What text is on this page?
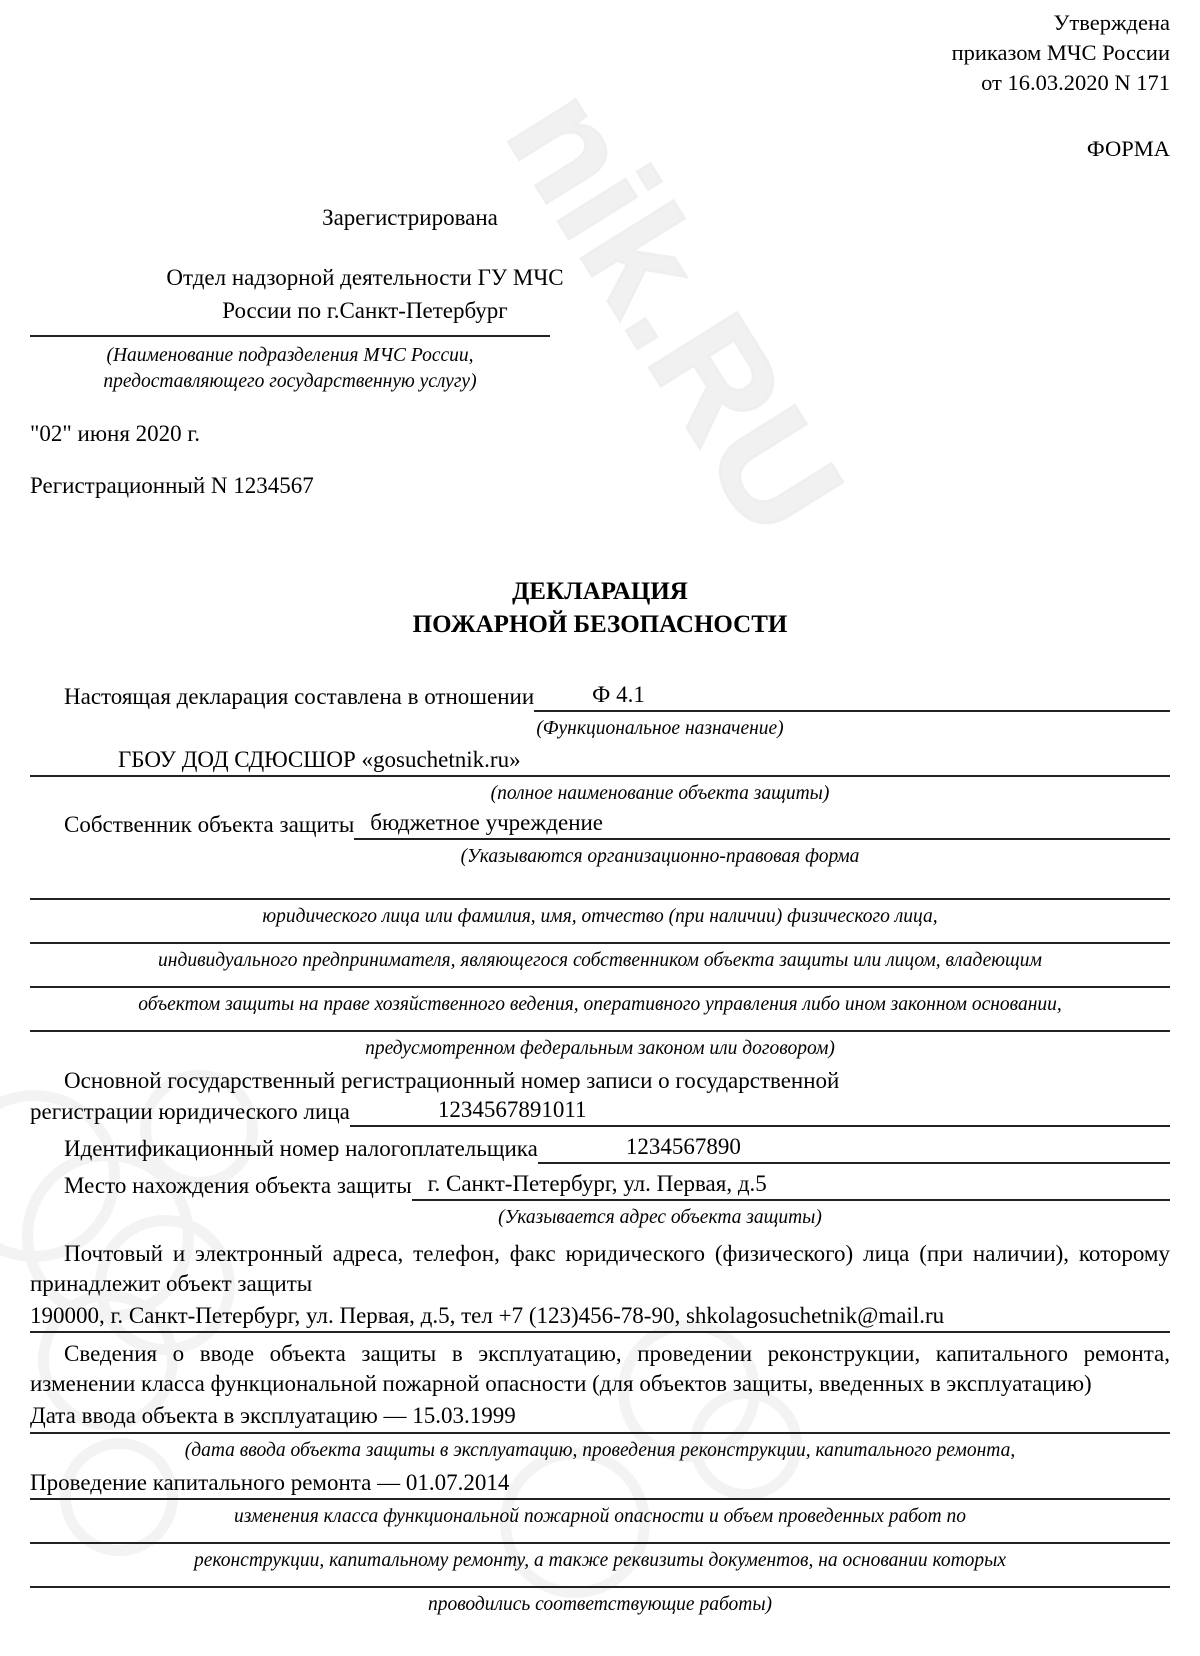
nik.RU
Утверждена
приказом МЧС России
от 16.03.2020 N 171
ФОРМА
Зарегистрирована
Отдел надзорной деятельности ГУ МЧС
России по г.Санкт-Петербург
(Наименование подразделения МЧС России,
предоставляющего государственную услугу)
"02" июня 2020 г.
Регистрационный N 1234567
ДЕКЛАРАЦИЯ
ПОЖАРНОЙ БЕЗОПАСНОСТИ
Настоящая декларация составлена в отношении	Ф 4.1
(Функциональное назначение)
ГБОУ ДОД СДЮСШОР «gosuchetnik.ru»
(полное наименование объекта защиты)
Собственник объекта защиты бюджетное учреждение
(Указываются организационно-правовая форма
юридического лица или фамилия, имя, отчество (при наличии) физического лица,
индивидуального предпринимателя, являющегося собственником объекта защиты или лицом, владеющим
объектом защиты на праве хозяйственного ведения, оперативного управления либо ином законном основании,
предусмотренном федеральным законом или договором)
Основной государственный регистрационный номер записи о государственной
регистрации юридического лица	1234567891011
Идентификационный номер налогоплательщика	1234567890
Место нахождения объекта защиты г. Санкт-Петербург, ул. Первая, д.5
(Указывается адрес объекта защиты)
Почтовый и электронный адреса, телефон, факс юридического (физического) лица (при наличии), которому принадлежит объект защиты
190000, г. Санкт-Петербург, ул. Первая, д.5, тел +7 (123)456-78-90, shkolagosuchetnik@mail.ru
Сведения о вводе объекта защиты в эксплуатацию, проведении реконструкции, капитального ремонта, изменении класса функциональной пожарной опасности (для объектов защиты, введенных в эксплуатацию)
Дата ввода объекта в эксплуатацию — 15.03.1999
(дата ввода объекта защиты в эксплуатацию, проведения реконструкции, капитального ремонта,
Проведение капитального ремонта — 01.07.2014
изменения класса функциональной пожарной опасности и объем проведенных работ по
реконструкции, капитальному ремонту, а также реквизиты документов, на основании которых
проводились соответствующие работы)
